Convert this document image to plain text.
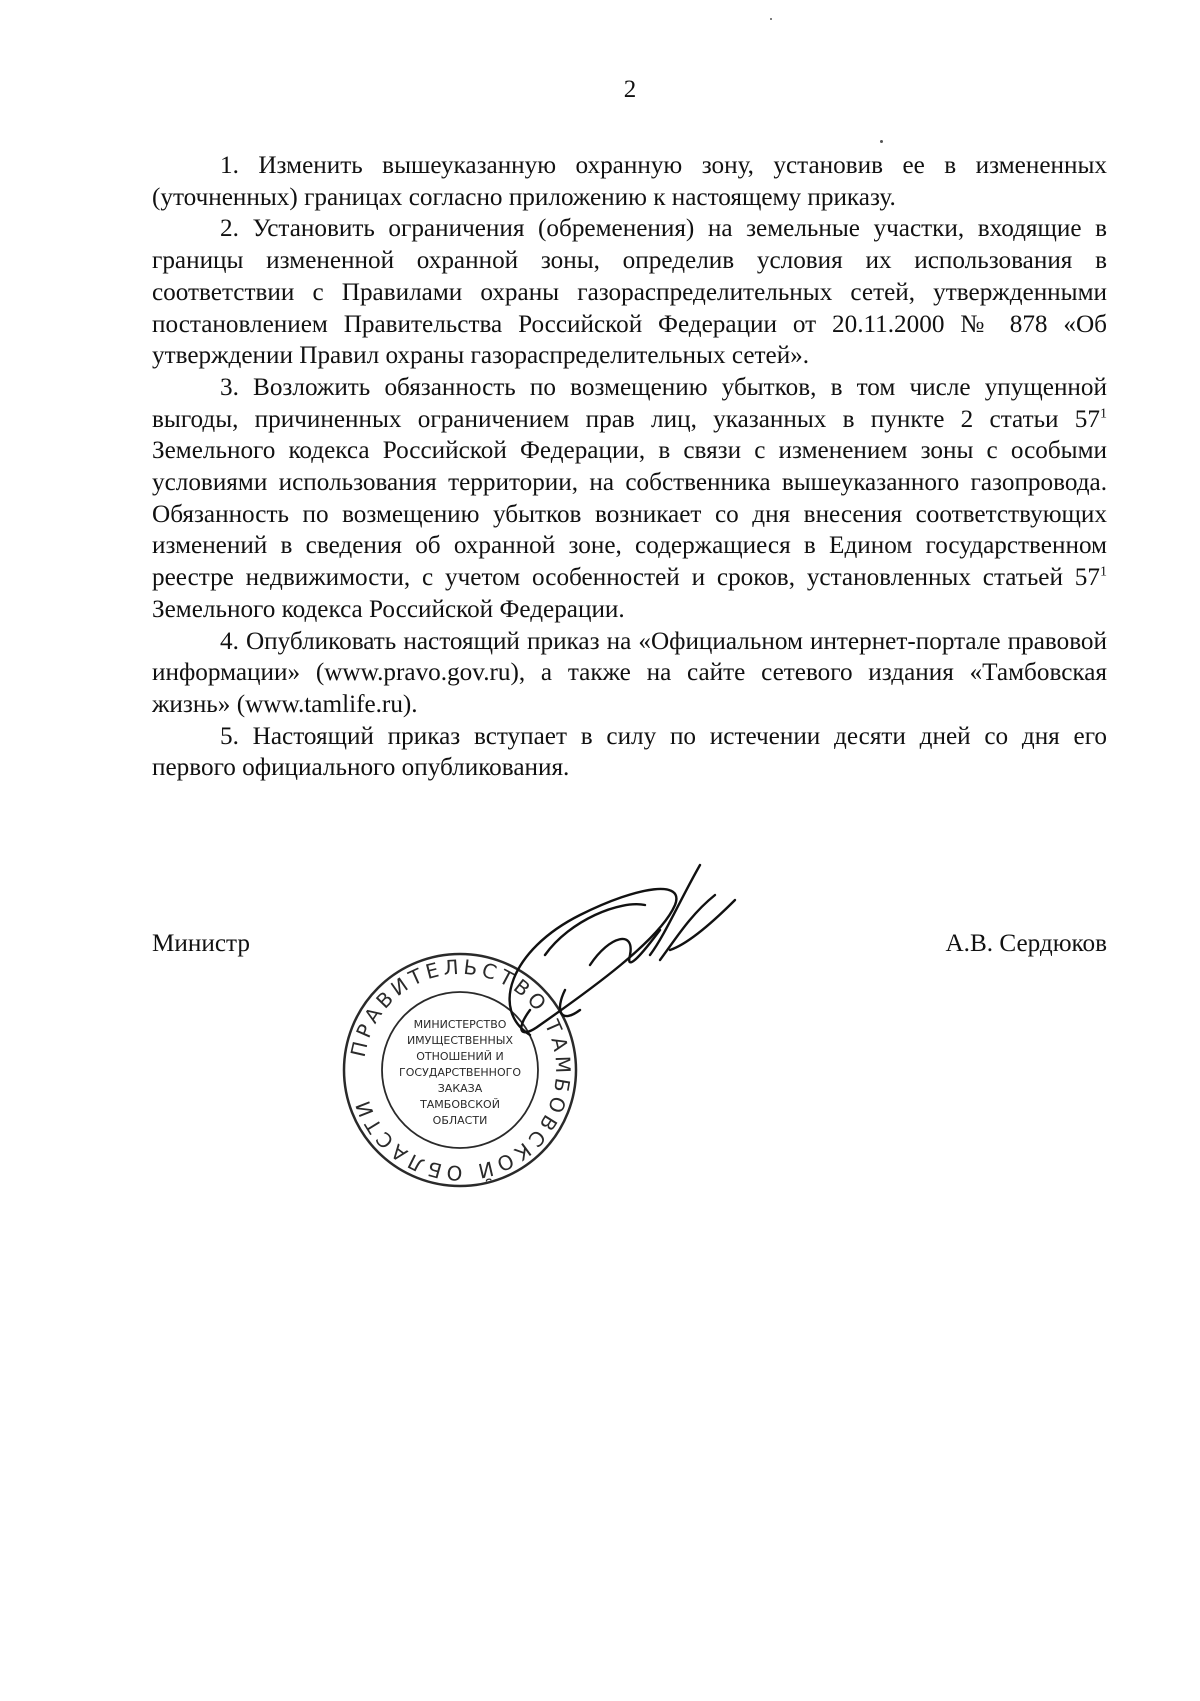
2

1. Изменить вышеуказанную охранную зону, установив ее в измененных (уточненных) границах согласно приложению к настоящему приказу.

2. Установить ограничения (обременения) на земельные участки, входящие в границы измененной охранной зоны, определив условия их использования в соответствии с Правилами охраны газораспределительных сетей, утвержденными постановлением Правительства Российской Федерации от 20.11.2000 № 878 «Об утверждении Правил охраны газораспределительных сетей».

3. Возложить обязанность по возмещению убытков, в том числе упущенной выгоды, причиненных ограничением прав лиц, указанных в пункте 2 статьи $57^1$ Земельного кодекса Российской Федерации, в связи с изменением зоны с особыми условиями использования территории, на собственника вышеуказанного газопровода. Обязанность по возмещению убытков возникает со дня внесения соответствующих изменений в сведения об охранной зоне, содержащиеся в Едином государственном реестре недвижимости, с учетом особенностей и сроков, установленных статьей $57^1$ Земельного кодекса Российской Федерации.

4. Опубликовать настоящий приказ на «Официальном интернет-портале правовой информации» (www.pravo.gov.ru), а также на сайте сетевого издания «Тамбовская жизнь» (www.tamlife.ru).

5. Настоящий приказ вступает в силу по истечении десяти дней со дня его первого официального опубликования.

Министр	А.В. Сердюков
ПРАВИТЕЛЬСТВО ТАМБОВСКОЙ ОБЛАСТИ
МИНИСТЕРСТВО
ИМУЩЕСТВЕННЫХ
ОТНОШЕНИЙ И
ГОСУДАРСТВЕННОГО
ЗАКАЗА
ТАМБОВСКОЙ
ОБЛАСТИ
